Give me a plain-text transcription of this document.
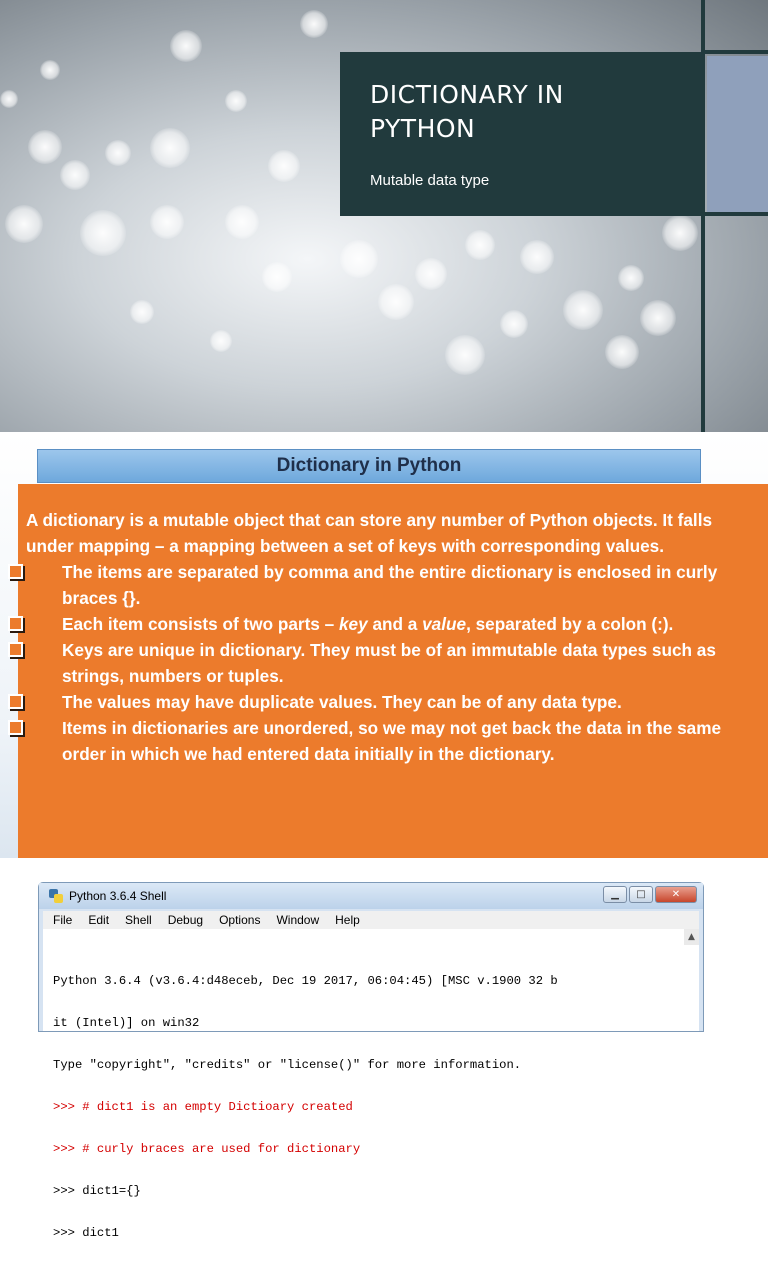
DICTIONARY IN PYTHON
Mutable data type
Dictionary in Python

A dictionary is a mutable object that can store any number of Python objects. It falls under mapping – a mapping between a set of keys with corresponding values.

The items are separated by comma and the entire dictionary is enclosed in curly braces {}.
Each item consists of two parts – key and a value, separated by a colon (:).
Keys are unique in dictionary. They must be of an immutable data types such as strings, numbers or tuples.
The values may have duplicate values. They can be of any data type.
Items in dictionaries are unordered, so we may not get back the data in the same order in which we had entered data initially in the dictionary.
Python 3.6.4 Shell	▁	□	✕
File Edit Shell Debug Options Window Help

▲

Python 3.6.4 (v3.6.4:d48eceb, Dec 19 2017, 06:04:45) [MSC v.1900 32 b

it (Intel)] on win32

Type "copyright", "credits" or "license()" for more information.

>>> # dict1 is an empty Dictioary created

>>> # curly braces are used for dictionary

>>> dict1={}

>>> dict1
